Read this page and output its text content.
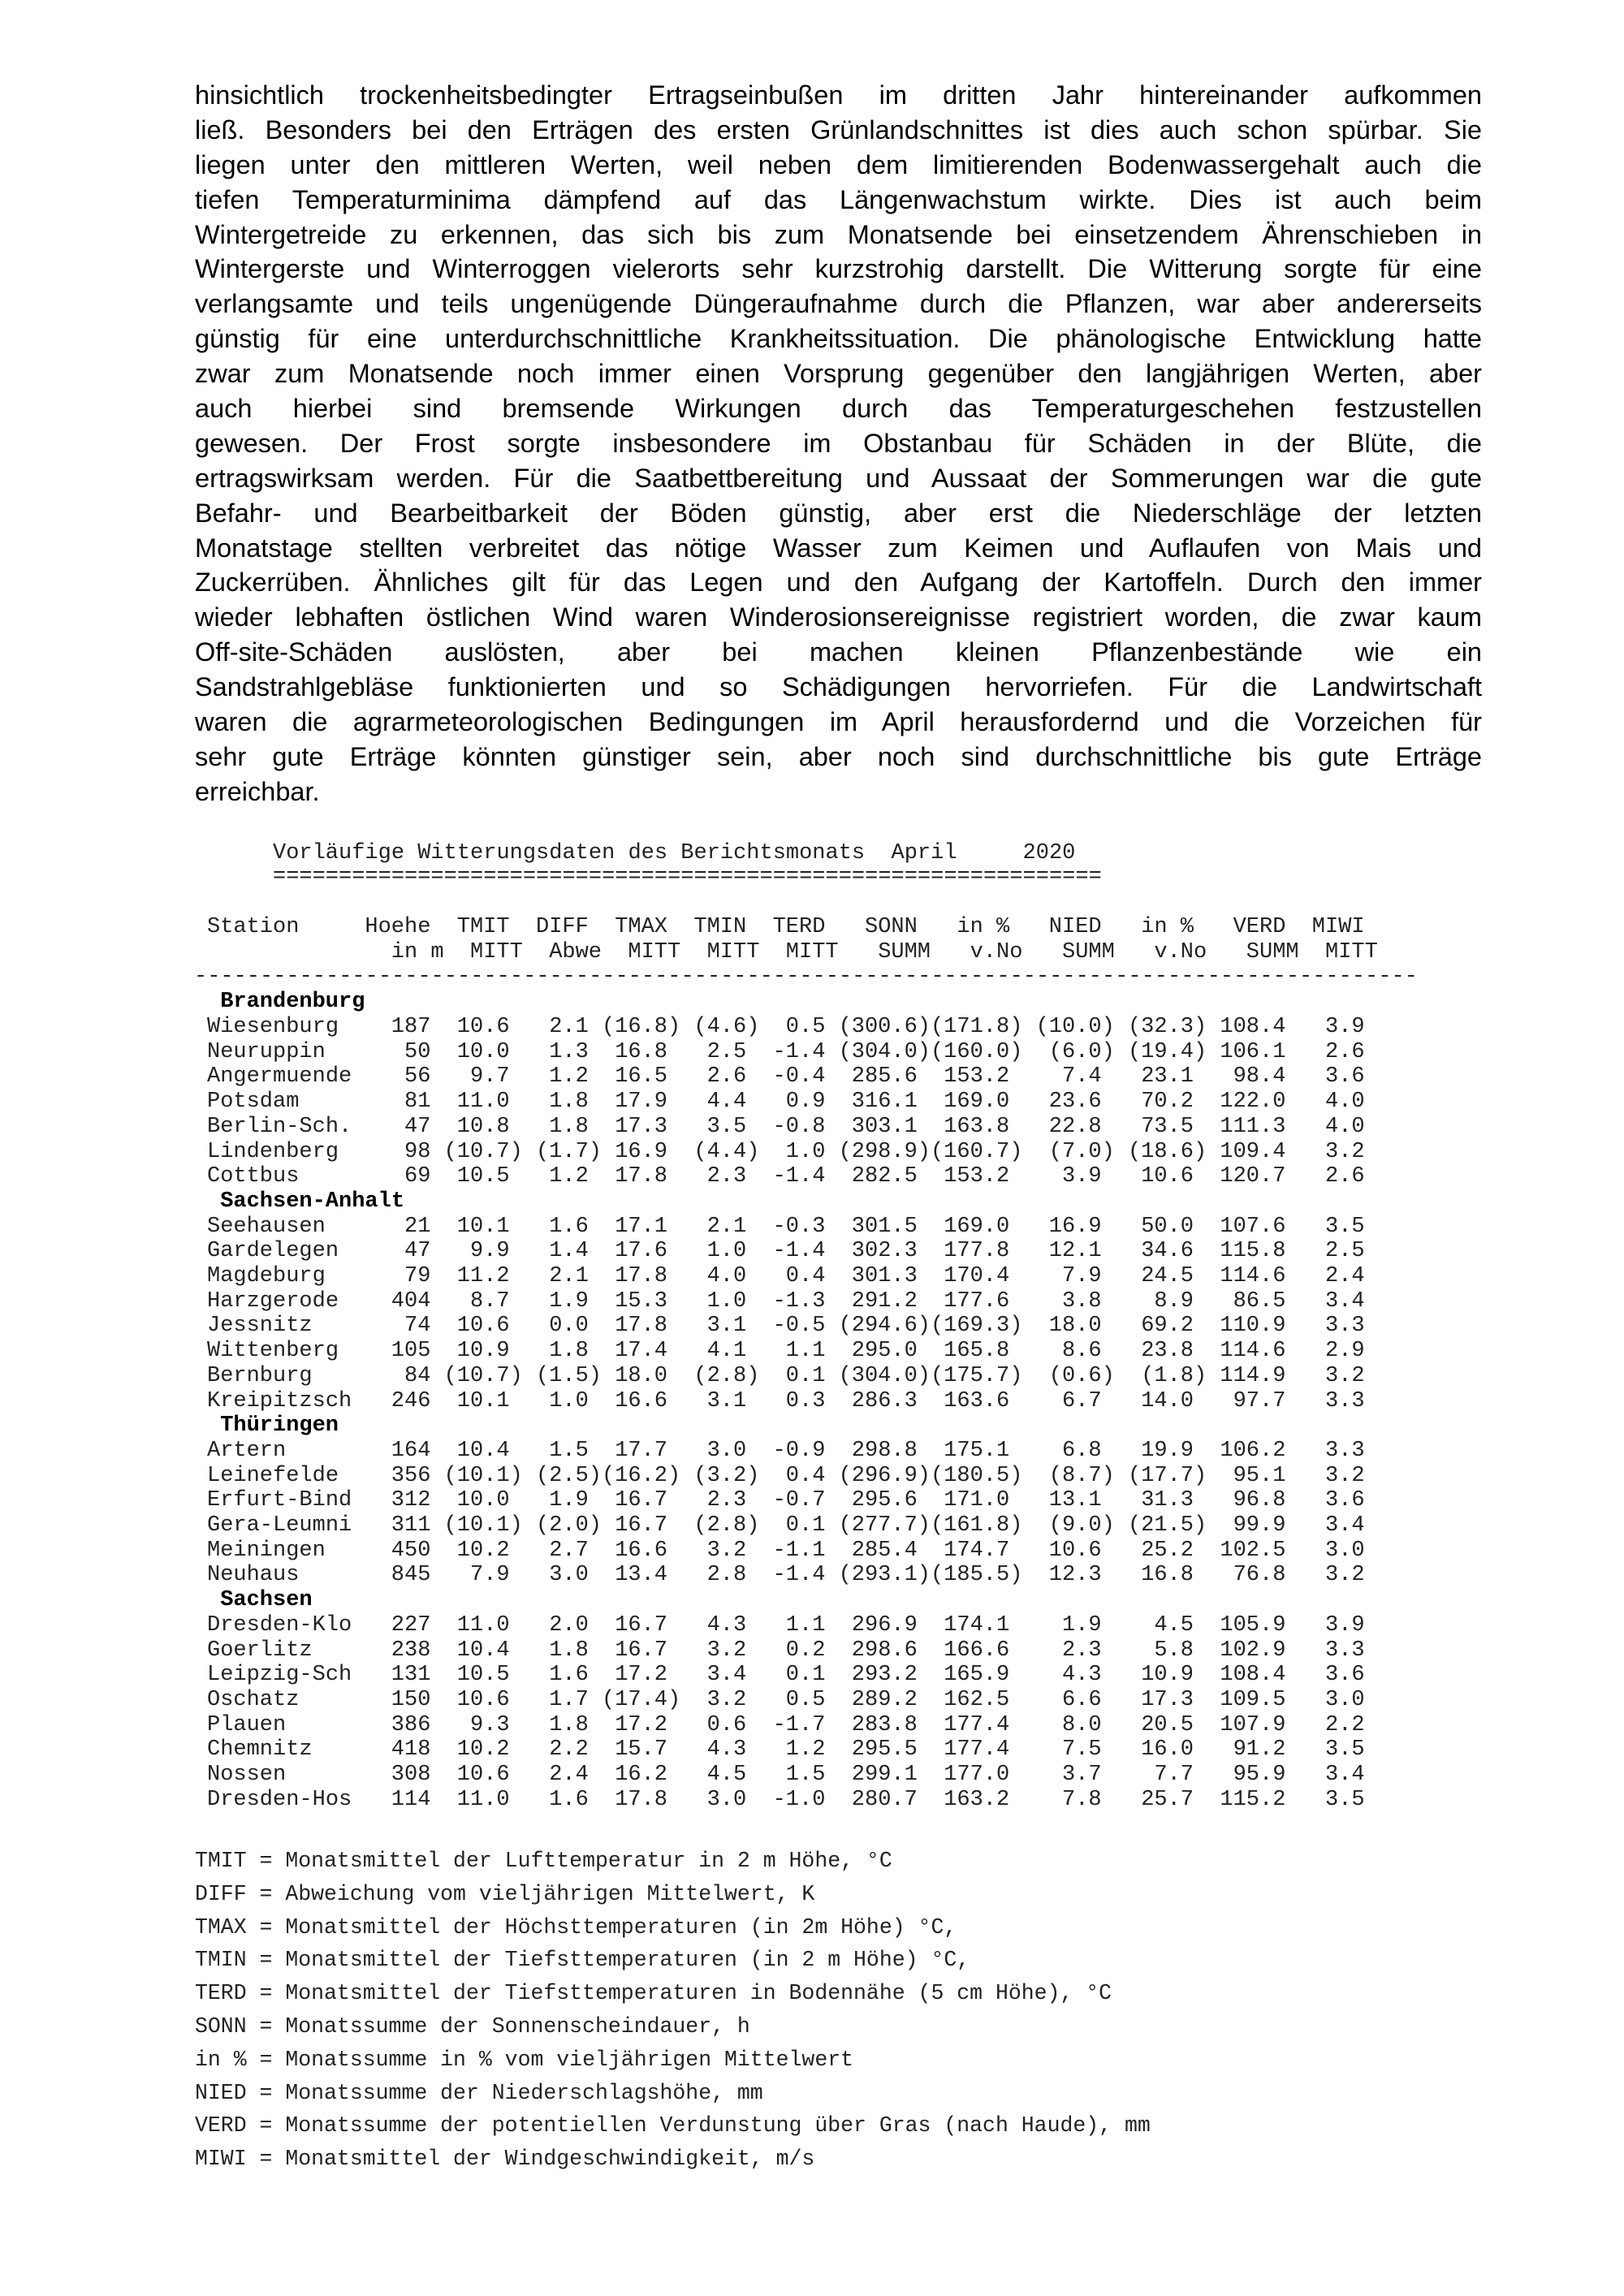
hinsichtlich trockenheitsbedingter Ertragseinbußen im dritten Jahr hintereinander aufkommen
ließ. Besonders bei den Erträgen des ersten Grünlandschnittes ist dies auch schon spürbar. Sie
liegen unter den mittleren Werten, weil neben dem limitierenden Bodenwassergehalt auch die
tiefen Temperaturminima dämpfend auf das Längenwachstum wirkte. Dies ist auch beim
Wintergetreide zu erkennen, das sich bis zum Monatsende bei einsetzendem Ährenschieben in
Wintergerste und Winterroggen vielerorts sehr kurzstrohig darstellt. Die Witterung sorgte für eine
verlangsamte und teils ungenügende Düngeraufnahme durch die Pflanzen, war aber andererseits
günstig für eine unterdurchschnittliche Krankheitssituation. Die phänologische Entwicklung hatte
zwar zum Monatsende noch immer einen Vorsprung gegenüber den langjährigen Werten, aber
auch hierbei sind bremsende Wirkungen durch das Temperaturgeschehen festzustellen
gewesen. Der Frost sorgte insbesondere im Obstanbau für Schäden in der Blüte, die
ertragswirksam werden. Für die Saatbettbereitung und Aussaat der Sommerungen war die gute
Befahr- und Bearbeitbarkeit der Böden günstig, aber erst die Niederschläge der letzten
Monatstage stellten verbreitet das nötige Wasser zum Keimen und Auflaufen von Mais und
Zuckerrüben. Ähnliches gilt für das Legen und den Aufgang der Kartoffeln. Durch den immer
wieder lebhaften östlichen Wind waren Winderosionsereignisse registriert worden, die zwar kaum
Off-site-Schäden auslösten, aber bei machen kleinen Pflanzenbestände wie ein
Sandstrahlgebläse funktionierten und so Schädigungen hervorriefen. Für die Landwirtschaft
waren die agrarmeteorologischen Bedingungen im April herausfordernd und die Vorzeichen für
sehr gute Erträge könnten günstiger sein, aber noch sind durchschnittliche bis gute Erträge
erreichbar.
Vorläufige Witterungsdaten des Berichtsmonats  April     2020
===============================================================
---------------------------------------------------------------------------------------------
Station	Hoehe TMIT DIFF TMAX TMIN TERD SONN in % NIED in % VERD MIWI
in m MITT Abwe MITT MITT MITT SUMM v.No SUMM v.No SUMM MITT
Brandenburg
Wiesenburg 187 10.6 2.1 (16.8) (4.6) 0.5 (300.6) (171.8) (10.0) (32.3) 108.4 3.9
Neuruppin	50 10.0 1.3 16.8 2.5 -1.4 (304.0) (160.0) (6.0) (19.4) 106.1 2.6
Angermuende 56 9.7 1.2 16.5 2.6 -0.4 285.6 153.2 7.4 23.1 98.4 3.6
Potsdam	81 11.0 1.8 17.9 4.4 0.9 316.1 169.0 23.6 70.2 122.0 4.0
Berlin-Sch. 47 10.8 1.8 17.3 3.5 -0.8 303.1 163.8 22.8 73.5 111.3 4.0
Lindenberg	98 (10.7) (1.7) 16.9 (4.4) 1.0 (298.9) (160.7) (7.0) (18.6) 109.4 3.2
Cottbus	69 10.5 1.2 17.8 2.3 -1.4 282.5 153.2 3.9 10.6 120.7 2.6
Sachsen-Anhalt
Seehausen	21 10.1 1.6 17.1 2.1 -0.3 301.5 169.0 16.9 50.0 107.6 3.5
Gardelegen	47 9.9 1.4 17.6 1.0 -1.4 302.3 177.8 12.1 34.6 115.8 2.5
Magdeburg	79 11.2 2.1 17.8 4.0 0.4 301.3 170.4 7.9 24.5 114.6 2.4
Harzgerode 404 8.7 1.9 15.3 1.0 -1.3 291.2 177.6 3.8 8.9 86.5 3.4
Jessnitz	74 10.6 0.0 17.8 3.1 -0.5 (294.6) (169.3) 18.0 69.2 110.9 3.3
Wittenberg 105 10.9 1.8 17.4 4.1 1.1 295.0 165.8 8.6 23.8 114.6 2.9
Bernburg	84 (10.7) (1.5) 18.0 (2.8) 0.1 (304.0) (175.7) (0.6) (1.8) 114.9 3.2
Kreipitzsch 246 10.1 1.0 16.6 3.1 0.3 286.3 163.6 6.7 14.0 97.7 3.3
Thüringen
Artern	164 10.4 1.5 17.7 3.0 -0.9 298.8 175.1 6.8 19.9 106.2 3.3
Leinefelde 356 (10.1) (2.5) (16.2) (3.2) 0.4 (296.9) (180.5) (8.7) (17.7) 95.1 3.2
Erfurt-Bind 312 10.0 1.9 16.7 2.3 -0.7 295.6 171.0 13.1 31.3 96.8 3.6
Gera-Leumni 311 (10.1) (2.0) 16.7 (2.8) 0.1 (277.7) (161.8) (9.0) (21.5) 99.9 3.4
Meiningen	450 10.2 2.7 16.6 3.2 -1.1 285.4 174.7 10.6 25.2 102.5 3.0
Neuhaus	845 7.9 3.0 13.4 2.8 -1.4 (293.1) (185.5) 12.3 16.8 76.8 3.2
Sachsen
Dresden-Klo 227 11.0 2.0 16.7 4.3 1.1 296.9 174.1 1.9 4.5 105.9 3.9
Goerlitz	238 10.4 1.8 16.7 3.2 0.2 298.6 166.6 2.3 5.8 102.9 3.3
Leipzig-Sch 131 10.5 1.6 17.2 3.4 0.1 293.2 165.9 4.3 10.9 108.4 3.6
Oschatz	150 10.6 1.7 (17.4) 3.2 0.5 289.2 162.5 6.6 17.3 109.5 3.0
Plauen	386 9.3 1.8 17.2 0.6 -1.7 283.8 177.4 8.0 20.5 107.9 2.2
Chemnitz	418 10.2 2.2 15.7 4.3 1.2 295.5 177.4 7.5 16.0 91.2 3.5
Nossen	308 10.6 2.4 16.2 4.5 1.5 299.1 177.0 3.7 7.7 95.9 3.4
Dresden-Hos 114 11.0 1.6 17.8 3.0 -1.0 280.7 163.2 7.8 25.7 115.2 3.5
TMIT = Monatsmittel der Lufttemperatur in 2 m Höhe, °C
DIFF = Abweichung vom vieljährigen Mittelwert, K
TMAX = Monatsmittel der Höchsttemperaturen (in 2m Höhe) °C,
TMIN = Monatsmittel der Tiefsttemperaturen (in 2 m Höhe) °C,
TERD = Monatsmittel der Tiefsttemperaturen in Bodennähe (5 cm Höhe), °C
SONN = Monatssumme der Sonnenscheindauer, h
in % = Monatssumme in % vom vieljährigen Mittelwert
NIED = Monatssumme der Niederschlagshöhe, mm
VERD = Monatssumme der potentiellen Verdunstung über Gras (nach Haude), mm
MIWI = Monatsmittel der Windgeschwindigkeit, m/s
